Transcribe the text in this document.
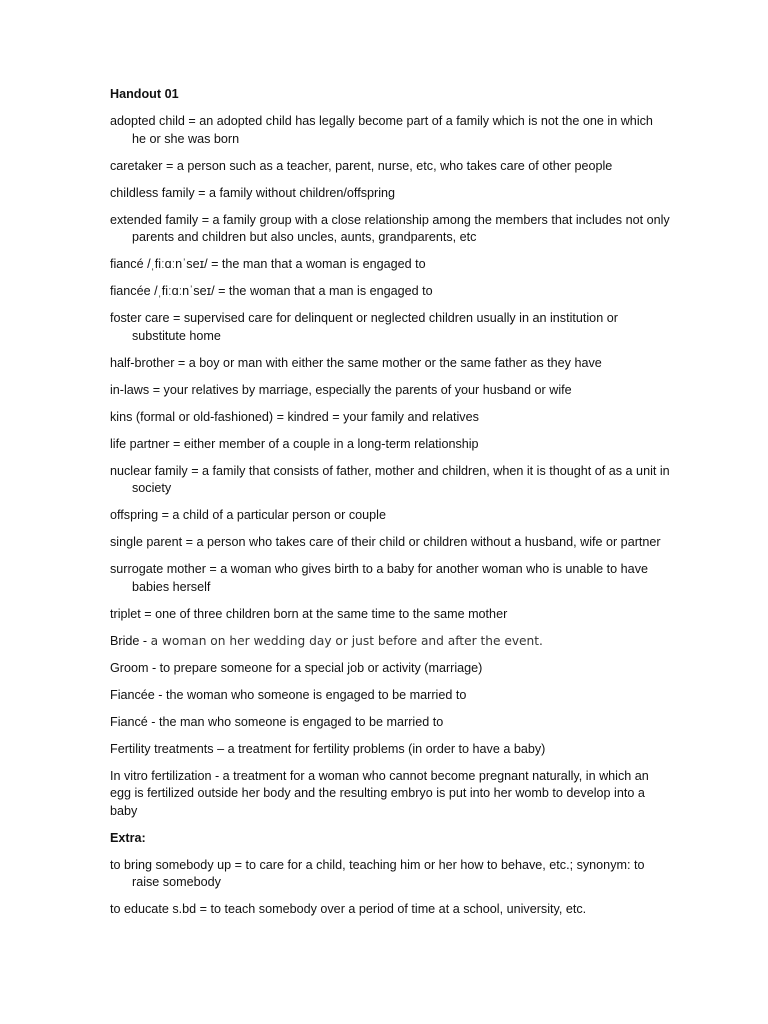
Handout 01

adopted child = an adopted child has legally become part of a family which is not the one in which he or she was born

caretaker = a person such as a teacher, parent, nurse, etc, who takes care of other people

childless family = a family without children/offspring

extended family = a family group with a close relationship among the members that includes not only parents and children but also uncles, aunts, grandparents, etc

fiancé /ˌfiːɑːnˈseɪ/ = the man that a woman is engaged to

fiancée /ˌfiːɑːnˈseɪ/ = the woman that a man is engaged to

foster care = supervised care for delinquent or neglected children usually in an institution or substitute home

half-brother = a boy or man with either the same mother or the same father as they have

in-laws = your relatives by marriage, especially the parents of your husband or wife

kins (formal or old-fashioned) = kindred = your family and relatives

life partner = either member of a couple in a long-term relationship

nuclear family = a family that consists of father, mother and children, when it is thought of as a unit in society

offspring = a child of a particular person or couple

single parent = a person who takes care of their child or children without a husband, wife or partner

surrogate mother = a woman who gives birth to a baby for another woman who is unable to have babies herself

triplet = one of three children born at the same time to the same mother

Bride - a woman on her wedding day or just before and after the event.

Groom - to prepare someone for a special job or activity (marriage)

Fiancée - the woman who someone is engaged to be married to

Fiancé - the man who someone is engaged to be married to

Fertility treatments – a treatment for fertility problems (in order to have a baby)

In vitro fertilization - a treatment for a woman who cannot become pregnant naturally, in which an egg is fertilized outside her body and the resulting embryo is put into her womb to develop into a baby

Extra:

to bring somebody up = to care for a child, teaching him or her how to behave, etc.; synonym: to raise somebody

to educate s.bd = to teach somebody over a period of time at a school, university, etc.
